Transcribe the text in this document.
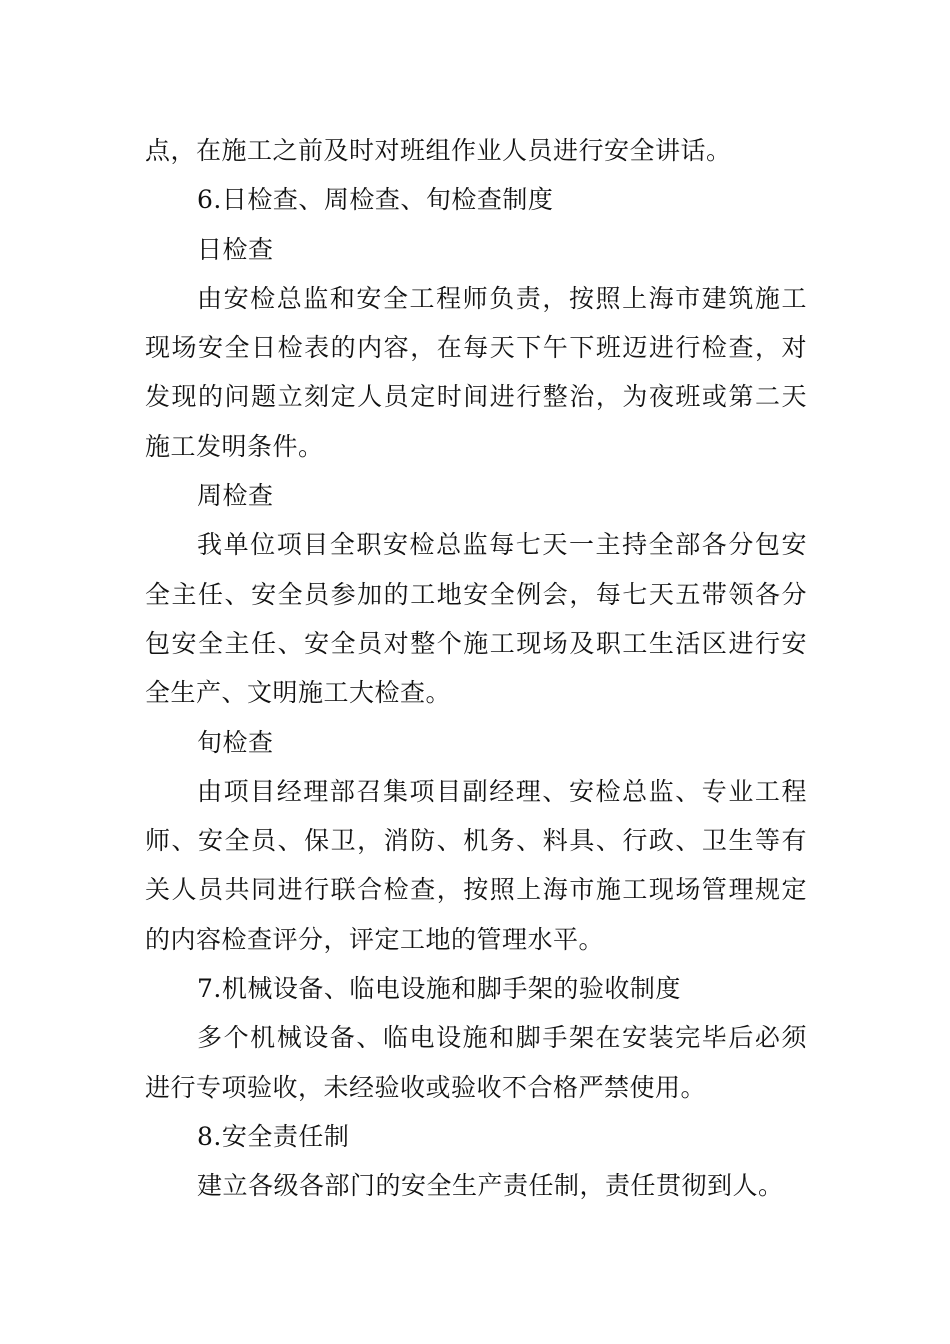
点，在施工之前及时对班组作业人员进行安全讲话。

6.日检查、周检查、旬检查制度

日检查

由安检总监和安全工程师负责，按照上海市建筑施工现场安全日检表的内容，在每天下午下班迈进行检查，对发现的问题立刻定人员定时间进行整治，为夜班或第二天施工发明条件。

周检查

我单位项目全职安检总监每七天一主持全部各分包安全主任、安全员参加的工地安全例会，每七天五带领各分包安全主任、安全员对整个施工现场及职工生活区进行安全生产、文明施工大检查。

旬检查

由项目经理部召集项目副经理、安检总监、专业工程师、安全员、保卫，消防、机务、料具、行政、卫生等有关人员共同进行联合检查，按照上海市施工现场管理规定的内容检查评分，评定工地的管理水平。

7.机械设备、临电设施和脚手架的验收制度

多个机械设备、临电设施和脚手架在安装完毕后必须进行专项验收，未经验收或验收不合格严禁使用。

8.安全责任制

建立各级各部门的安全生产责任制，责任贯彻到人。
